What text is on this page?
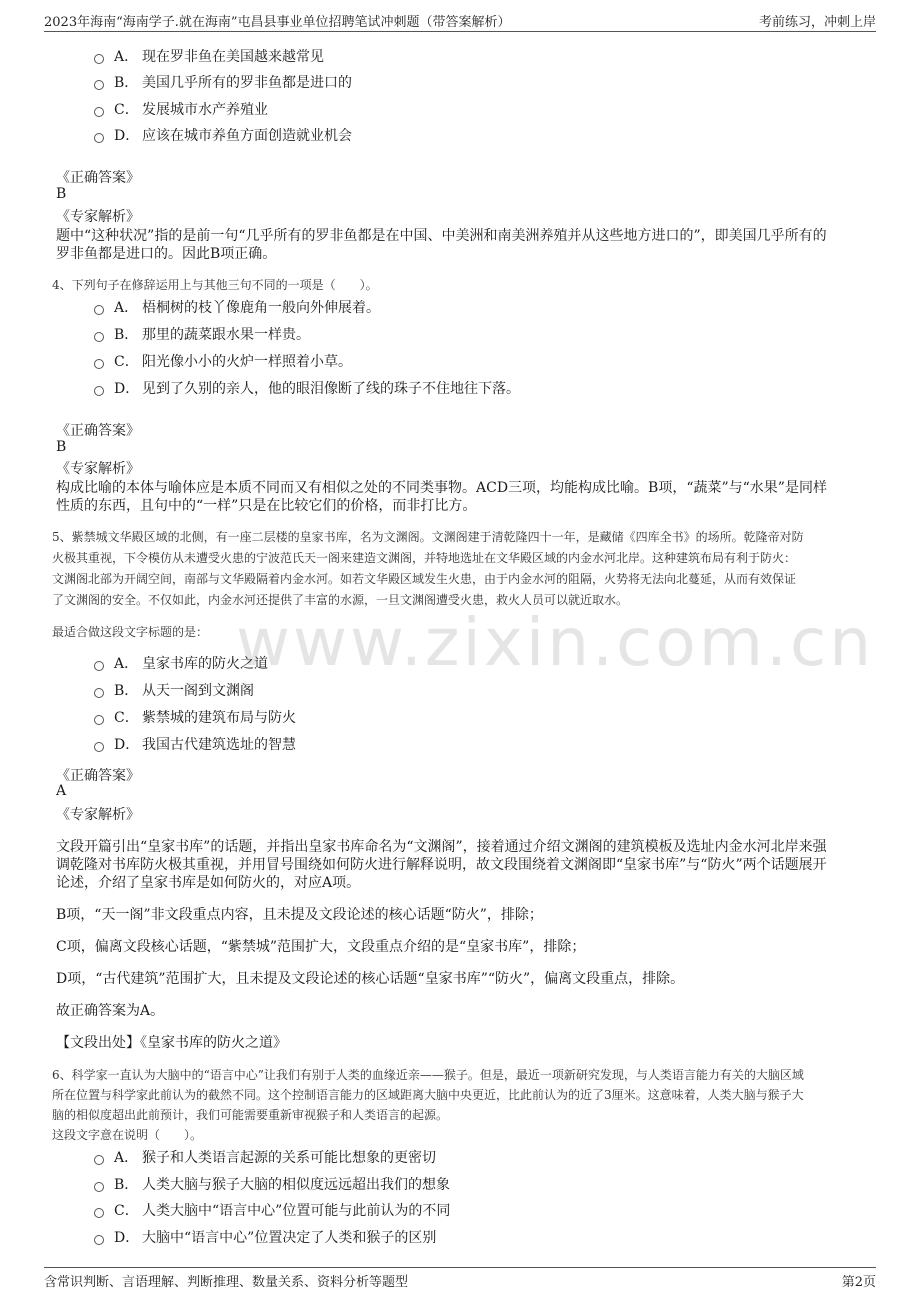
2023年海南“海南学子.就在海南”屯昌县事业单位招聘笔试冲刺题（带答案解析）	考前练习，冲刺上岸
www.zixin.com.cn
A． 现在罗非鱼在美国越来越常见
B． 美国几乎所有的罗非鱼都是进口的
C． 发展城市水产养殖业
D． 应该在城市养鱼方面创造就业机会
《正确答案》
B
《专家解析》
题中“这种状况”指的是前一句“几乎所有的罗非鱼都是在中国、中美洲和南美洲养殖并从这些地方进口的”，即美国几乎所有的
罗非鱼都是进口的。因此B项正确。
4、下列句子在修辞运用上与其他三句不同的一项是（　　）。
A． 梧桐树的枝丫像鹿角一般向外伸展着。
B． 那里的蔬菜跟水果一样贵。
C． 阳光像小小的火炉一样照着小草。
D． 见到了久别的亲人，他的眼泪像断了线的珠子不住地往下落。
《正确答案》
B
《专家解析》
构成比喻的本体与喻体应是本质不同而又有相似之处的不同类事物。ACD三项，均能构成比喻。B项，“蔬菜”与“水果”是同样
性质的东西，且句中的“一样”只是在比较它们的价格，而非打比方。
5、紫禁城文华殿区域的北侧，有一座二层楼的皇家书库，名为文渊阁。文渊阁建于清乾隆四十一年，是藏储《四库全书》的场所。乾隆帝对防
火极其重视，下令模仿从未遭受火患的宁波范氏天一阁来建造文渊阁，并特地选址在文华殿区域的内金水河北岸。这种建筑布局有利于防火：
文渊阁北部为开阔空间，南部与文华殿隔着内金水河。如若文华殿区域发生火患，由于内金水河的阻隔，火势将无法向北蔓延，从而有效保证
了文渊阁的安全。不仅如此，内金水河还提供了丰富的水源，一旦文渊阁遭受火患，救火人员可以就近取水。
最适合做这段文字标题的是：
A． 皇家书库的防火之道
B． 从天一阁到文渊阁
C． 紫禁城的建筑布局与防火
D． 我国古代建筑选址的智慧
《正确答案》
A
《专家解析》
文段开篇引出“皇家书库”的话题，并指出皇家书库命名为“文渊阁”，接着通过介绍文渊阁的建筑模板及选址内金水河北岸来强
调乾隆对书库防火极其重视，并用冒号围绕如何防火进行解释说明，故文段围绕着文渊阁即“皇家书库”与“防火”两个话题展开
论述，介绍了皇家书库是如何防火的，对应A项。
B项，“天一阁”非文段重点内容，且未提及文段论述的核心话题“防火”，排除；
C项，偏离文段核心话题，“紫禁城”范围扩大，文段重点介绍的是“皇家书库”，排除；
D项，“古代建筑”范围扩大，且未提及文段论述的核心话题“皇家书库”“防火”，偏离文段重点，排除。
故正确答案为A。
【文段出处】《皇家书库的防火之道》
6、科学家一直认为大脑中的“语言中心”让我们有别于人类的血缘近亲——猴子。但是，最近一项新研究发现，与人类语言能力有关的大脑区域
所在位置与科学家此前认为的截然不同。这个控制语言能力的区域距离大脑中央更近，比此前认为的近了3厘米。这意味着，人类大脑与猴子大
脑的相似度超出此前预计，我们可能需要重新审视猴子和人类语言的起源。
这段文字意在说明（　　）。
A． 猴子和人类语言起源的关系可能比想象的更密切
B． 人类大脑与猴子大脑的相似度远远超出我们的想象
C． 人类大脑中“语言中心”位置可能与此前认为的不同
D． 大脑中“语言中心”位置决定了人类和猴子的区别
含常识判断、言语理解、判断推理、数量关系、资料分析等题型	第2页
